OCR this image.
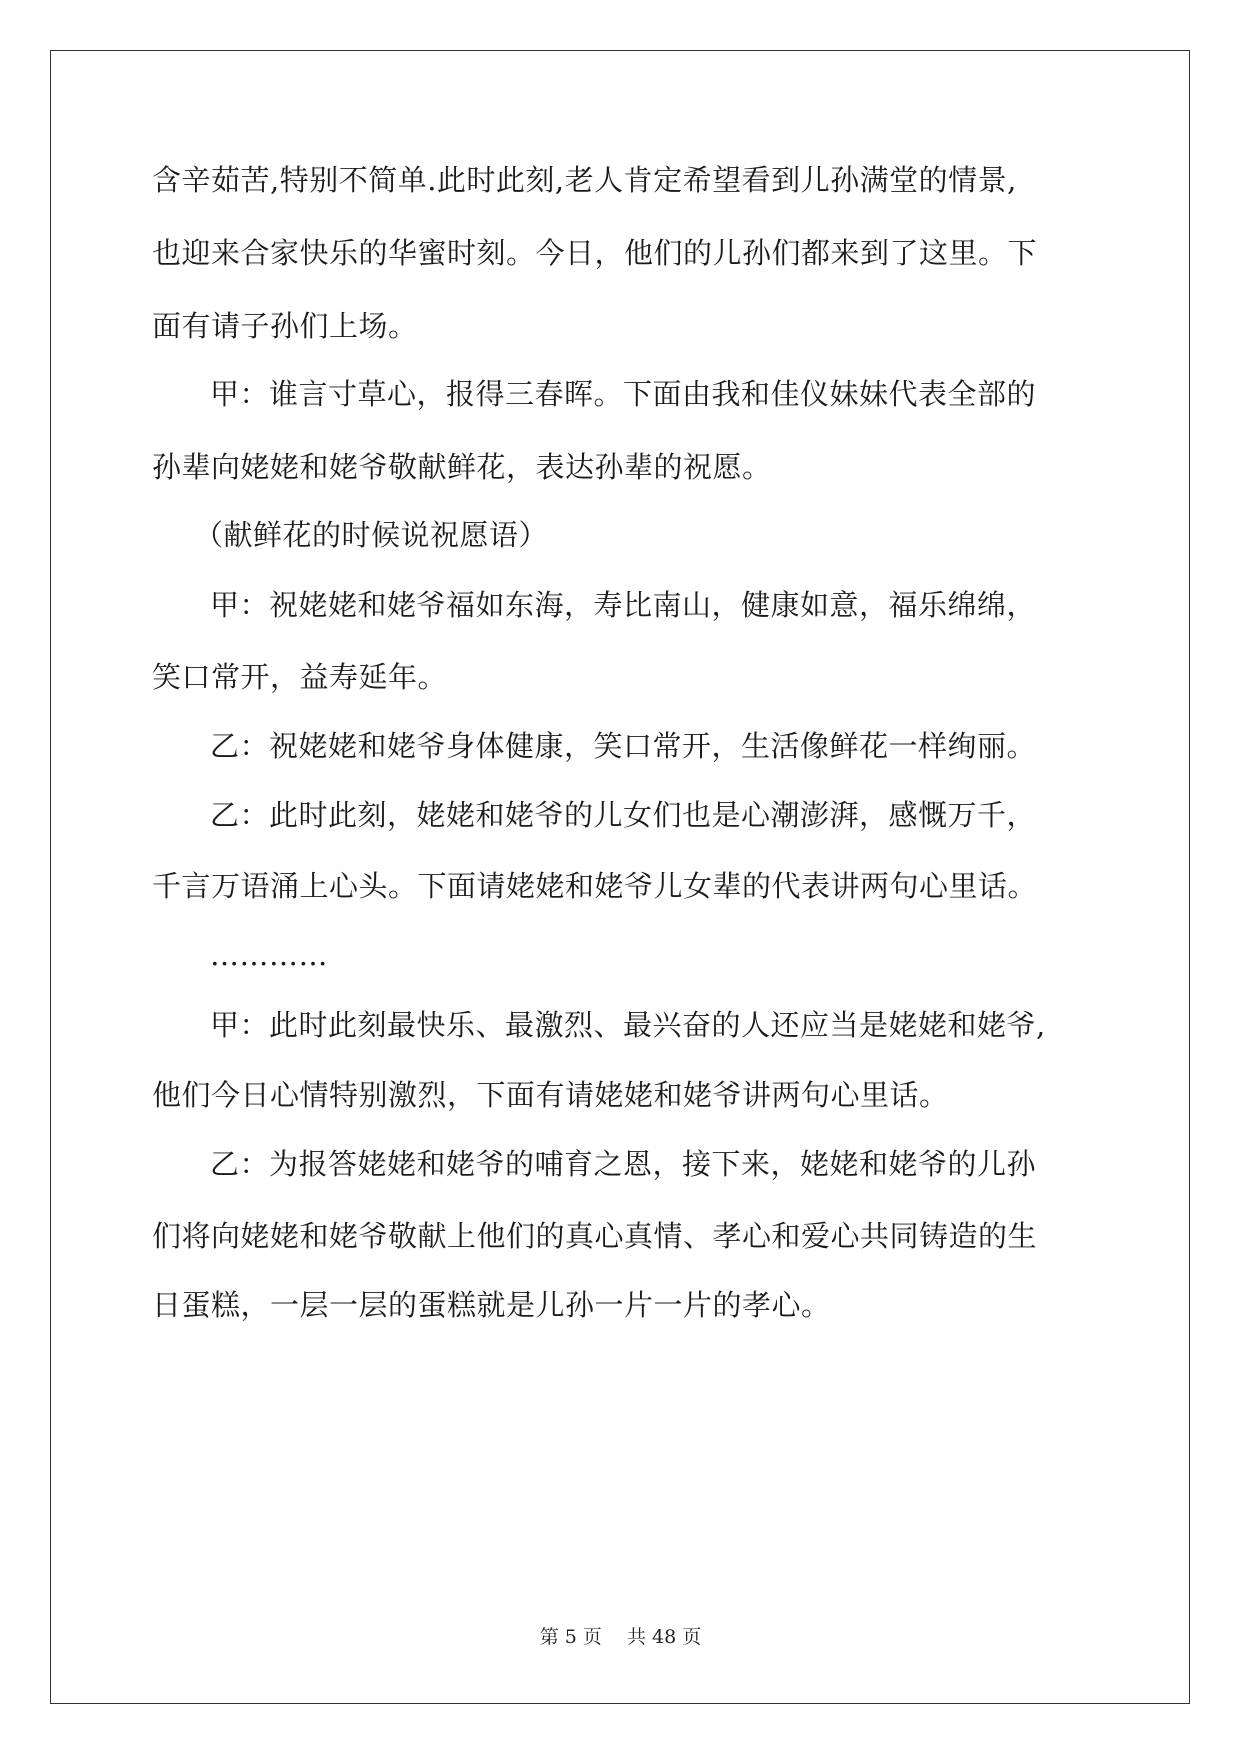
含辛茹苦,特别不简单.此时此刻,老人肯定希望看到儿孙满堂的情景,
也迎来合家快乐的华蜜时刻。今日，他们的儿孙们都来到了这里。下
面有请子孙们上场。
甲：谁言寸草心，报得三春晖。下面由我和佳仪妹妹代表全部的
孙辈向姥姥和姥爷敬献鲜花，表达孙辈的祝愿。
（献鲜花的时候说祝愿语）
甲：祝姥姥和姥爷福如东海，寿比南山，健康如意，福乐绵绵，
笑口常开，益寿延年。
乙：祝姥姥和姥爷身体健康，笑口常开，生活像鲜花一样绚丽。
乙：此时此刻，姥姥和姥爷的儿女们也是心潮澎湃，感慨万千，
千言万语涌上心头。下面请姥姥和姥爷儿女辈的代表讲两句心里话。
…………
甲：此时此刻最快乐、最激烈、最兴奋的人还应当是姥姥和姥爷,
他们今日心情特别激烈，下面有请姥姥和姥爷讲两句心里话。
乙：为报答姥姥和姥爷的哺育之恩，接下来，姥姥和姥爷的儿孙
们将向姥姥和姥爷敬献上他们的真心真情、孝心和爱心共同铸造的生
日蛋糕，一层一层的蛋糕就是儿孙一片一片的孝心。
第 5 页　 共 48 页
